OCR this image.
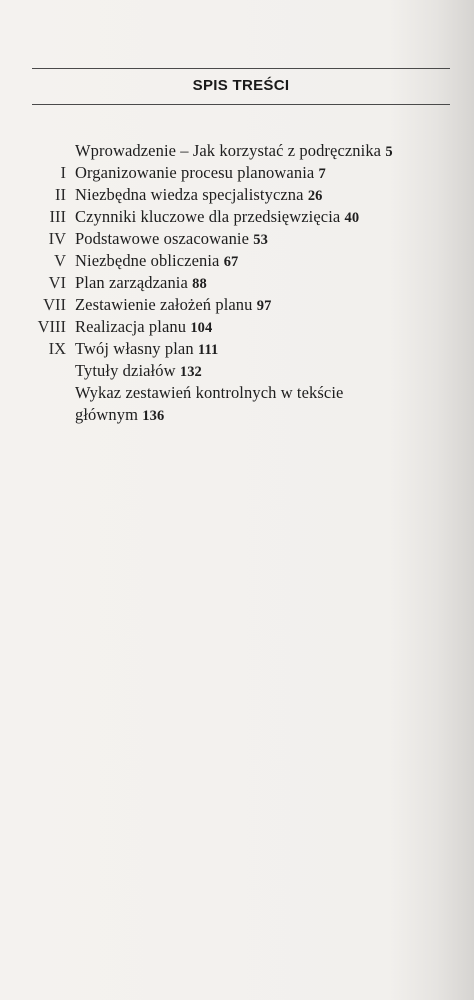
SPIS TREŚCI
Wprowadzenie – Jak korzystać z podręcznika 5
I Organizowanie procesu planowania 7
II Niezbędna wiedza specjalistyczna 26
III Czynniki kluczowe dla przedsięwzięcia 40
IV Podstawowe oszacowanie 53
V Niezbędne obliczenia 67
VI Plan zarządzania 88
VII Zestawienie założeń planu 97
VIII Realizacja planu 104
IX Twój własny plan 111
Tytuły działów 132
Wykaz zestawień kontrolnych w tekście
głównym 136
